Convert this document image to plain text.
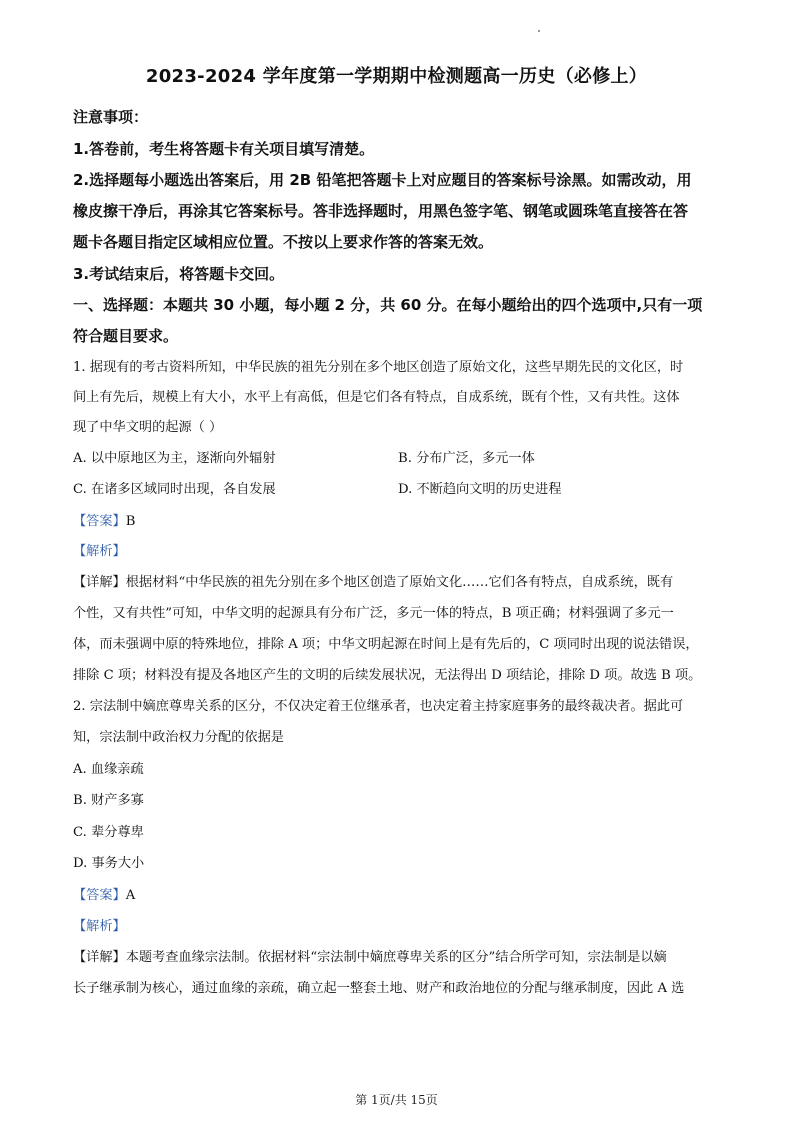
2023-2024 学年度第一学期期中检测题高一历史（必修上）
注意事项：
1.答卷前，考生将答题卡有关项目填写清楚。
2.选择题每小题选出答案后，用 2B 铅笔把答题卡上对应题目的答案标号涂黑。如需改动，用
橡皮擦干净后，再涂其它答案标号。答非选择题时，用黑色签字笔、钢笔或圆珠笔直接答在答
题卡各题目指定区域相应位置。不按以上要求作答的答案无效。
3.考试结束后，将答题卡交回。
一、选择题：本题共 30 小题，每小题 2 分，共 60 分。在每小题给出的四个选项中,只有一项
符合题目要求。
1. 据现有的考古资料所知，中华民族的祖先分别在多个地区创造了原始文化，这些早期先民的文化区，时
间上有先后，规模上有大小，水平上有高低，但是它们各有特点，自成系统，既有个性，又有共性。这体
现了中华文明的起源（ ）
A. 以中原地区为主，逐渐向外辐射	B. 分布广泛，多元一体
C. 在诸多区域同时出现，各自发展	D. 不断趋向文明的历史进程
【答案】B
【解析】
【详解】根据材料“中华民族的祖先分别在多个地区创造了原始文化……它们各有特点，自成系统，既有
个性，又有共性”可知，中华文明的起源具有分布广泛，多元一体的特点，B 项正确；材料强调了多元一
体，而未强调中原的特殊地位，排除 A 项；中华文明起源在时间上是有先后的，C 项同时出现的说法错误，
排除 C 项；材料没有提及各地区产生的文明的后续发展状况，无法得出 D 项结论，排除 D 项。故选 B 项。
2. 宗法制中嫡庶尊卑关系的区分，不仅决定着王位继承者，也决定着主持家庭事务的最终裁决者。据此可
知，宗法制中政治权力分配的依据是
A. 血缘亲疏
B. 财产多寡
C. 辈分尊卑
D. 事务大小
【答案】A
【解析】
【详解】本题考查血缘宗法制。依据材料“宗法制中嫡庶尊卑关系的区分”结合所学可知，宗法制是以嫡
长子继承制为核心，通过血缘的亲疏，确立起一整套土地、财产和政治地位的分配与继承制度，因此 A 选
第 1页/共 15页
